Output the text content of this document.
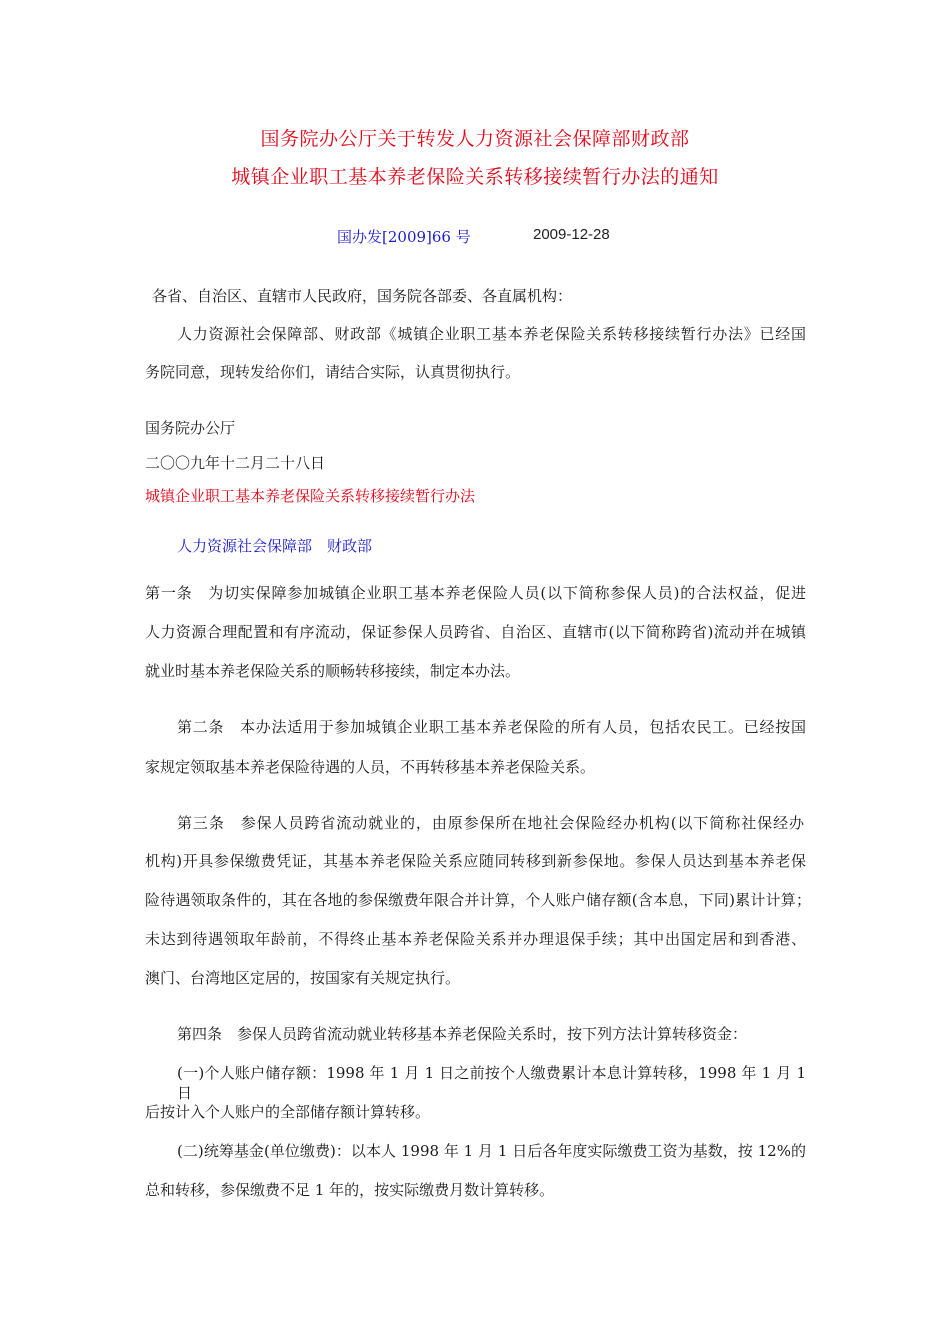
国务院办公厅关于转发人力资源社会保障部财政部
城镇企业职工基本养老保险关系转移接续暂行办法的通知
国办发[2009]66 号	2009-12-28
各省、自治区、直辖市人民政府，国务院各部委、各直属机构：
人力资源社会保障部、财政部《城镇企业职工基本养老保险关系转移接续暂行办法》已经国
务院同意，现转发给你们，请结合实际，认真贯彻执行。
国务院办公厅
二〇〇九年十二月二十八日
城镇企业职工基本养老保险关系转移接续暂行办法
人力资源社会保障部　财政部
第一条　为切实保障参加城镇企业职工基本养老保险人员(以下简称参保人员)的合法权益，促进
人力资源合理配置和有序流动，保证参保人员跨省、自治区、直辖市(以下简称跨省)流动并在城镇
就业时基本养老保险关系的顺畅转移接续，制定本办法。
第二条　本办法适用于参加城镇企业职工基本养老保险的所有人员，包括农民工。已经按国
家规定领取基本养老保险待遇的人员，不再转移基本养老保险关系。
第三条　参保人员跨省流动就业的，由原参保所在地社会保险经办机构(以下简称社保经办
机构)开具参保缴费凭证，其基本养老保险关系应随同转移到新参保地。参保人员达到基本养老保
险待遇领取条件的，其在各地的参保缴费年限合并计算，个人账户储存额(含本息，下同)累计计算；
未达到待遇领取年龄前，不得终止基本养老保险关系并办理退保手续；其中出国定居和到香港、
澳门、台湾地区定居的，按国家有关规定执行。
第四条　参保人员跨省流动就业转移基本养老保险关系时，按下列方法计算转移资金：
(一)个人账户储存额：1998 年 1 月 1 日之前按个人缴费累计本息计算转移，1998 年 1 月 1 日
后按计入个人账户的全部储存额计算转移。
(二)统筹基金(单位缴费)：以本人 1998 年 1 月 1 日后各年度实际缴费工资为基数，按 12%的
总和转移，参保缴费不足 1 年的，按实际缴费月数计算转移。
